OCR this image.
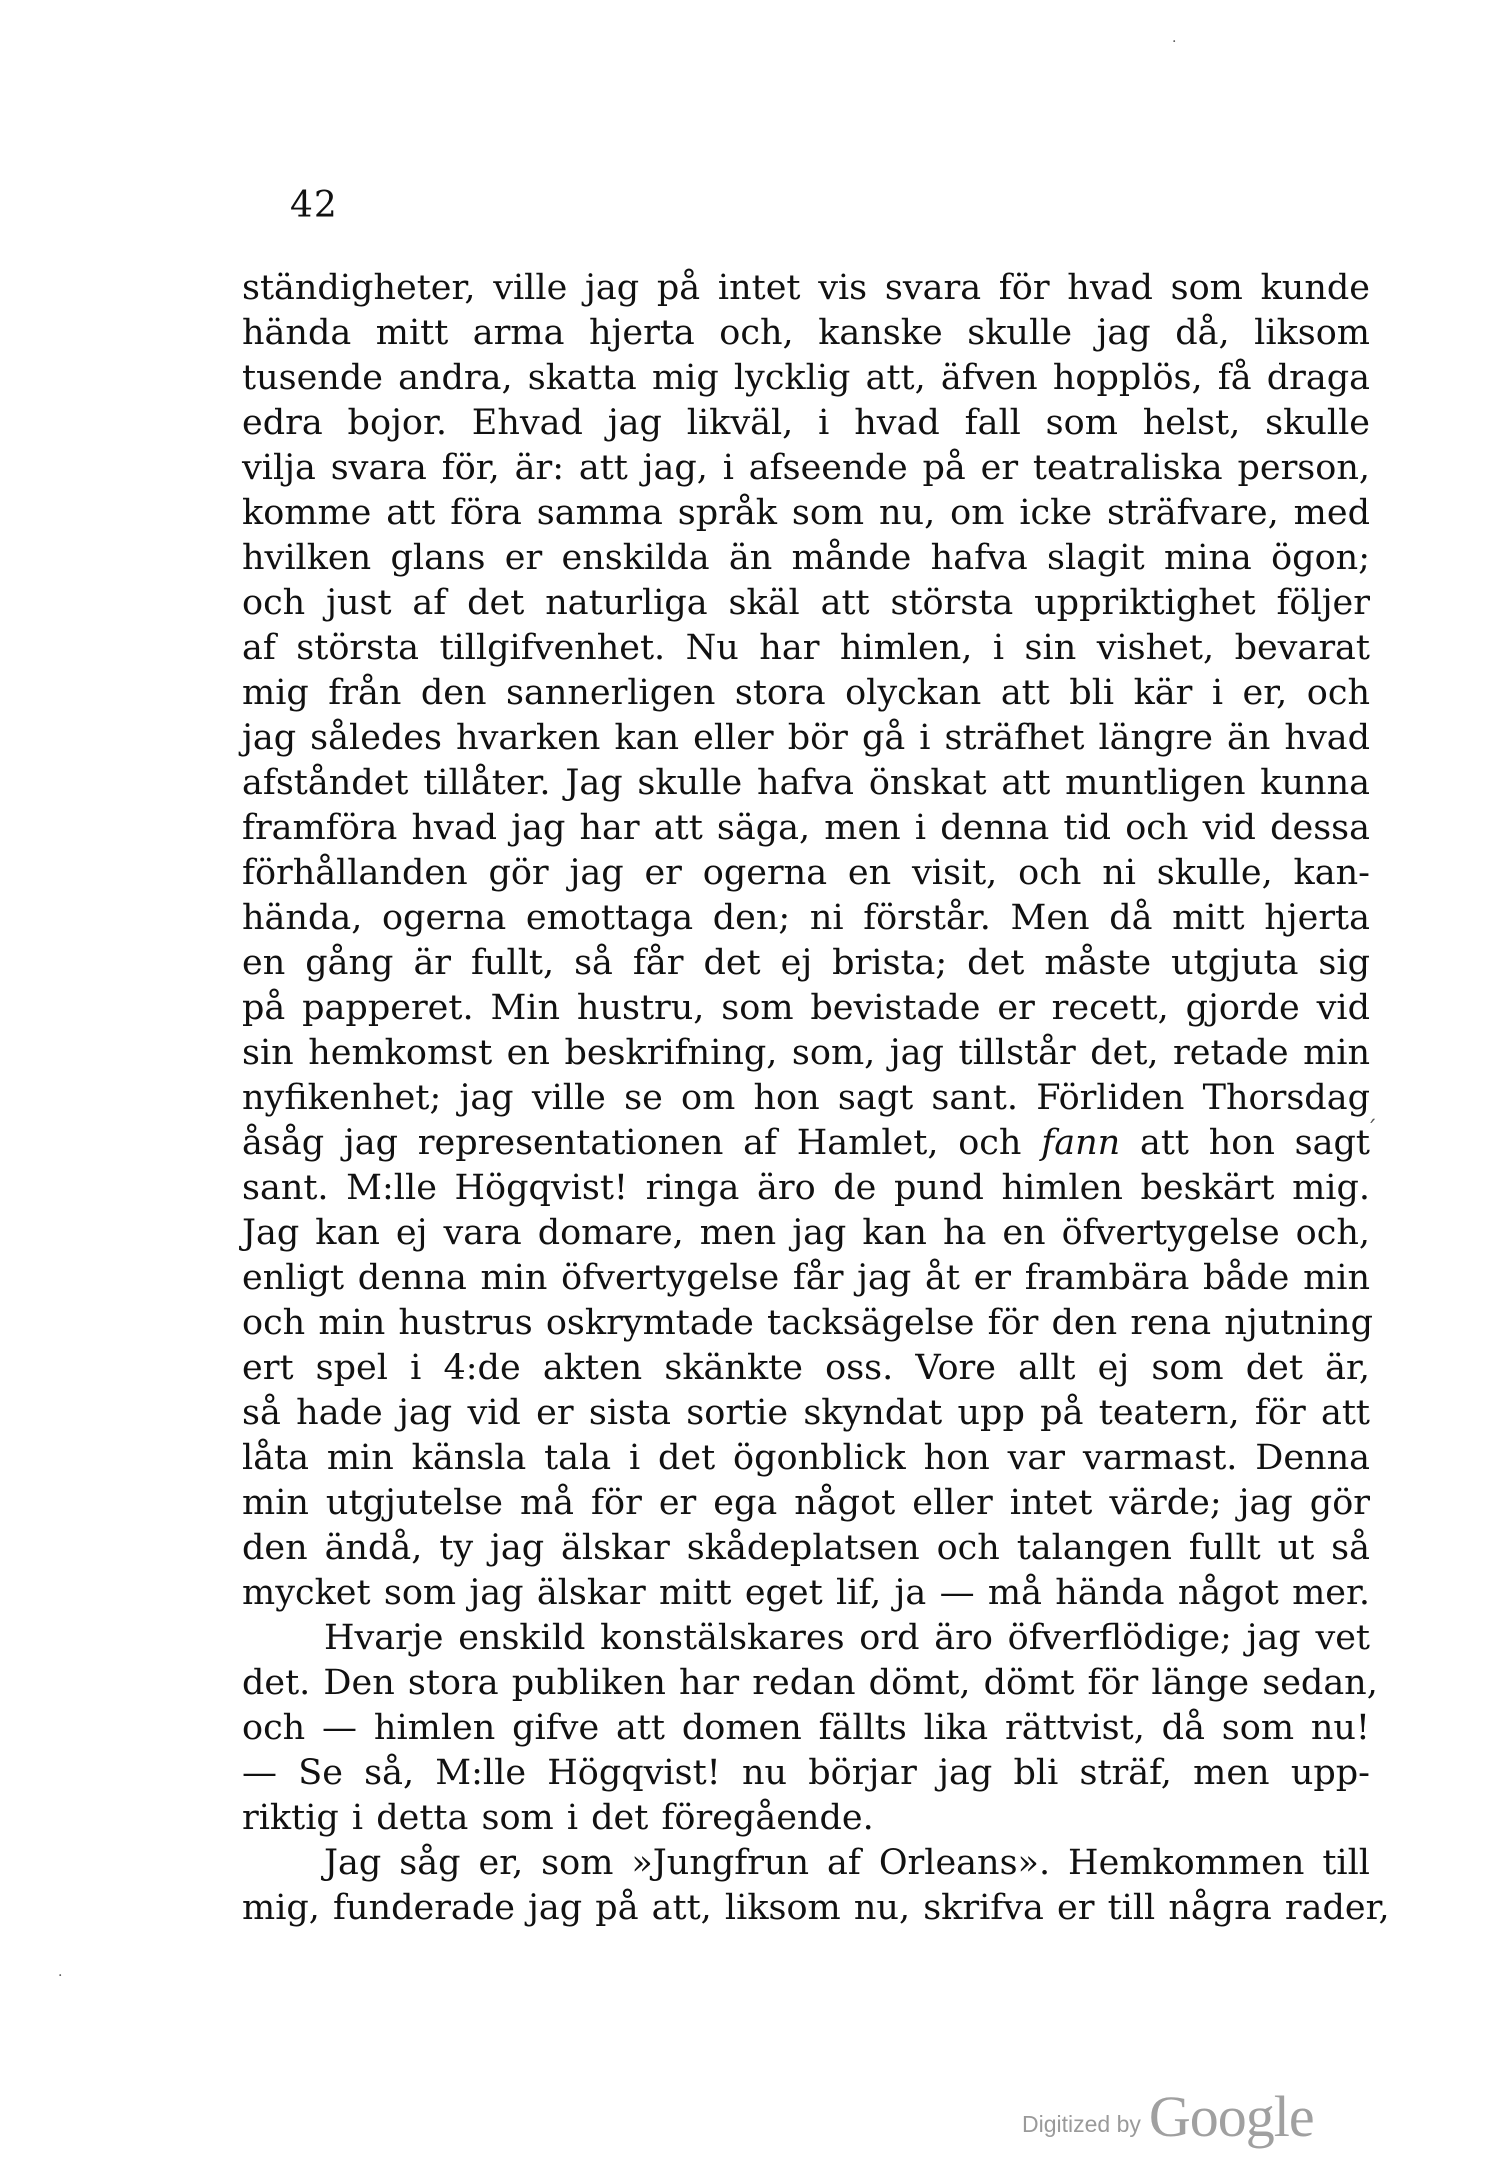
42
ständigheter, ville jag på intet vis svara för hvad som kunde
hända mitt arma hjerta och, kanske skulle jag då, liksom
tusende andra, skatta mig lycklig att, äfven hopplös, få draga
edra bojor. Ehvad jag likväl, i hvad fall som helst, skulle
vilja svara för, är: att jag, i afseende på er teatraliska person,
komme att föra samma språk som nu, om icke sträfvare, med
hvilken glans er enskilda än månde hafva slagit mina ögon;
och just af det naturliga skäl att största uppriktighet följer
af största tillgifvenhet. Nu har himlen, i sin vishet, bevarat
mig från den sannerligen stora olyckan att bli kär i er, och
jag således hvarken kan eller bör gå i sträfhet längre än hvad
afståndet tillåter. Jag skulle hafva önskat att muntligen kunna
framföra hvad jag har att säga, men i denna tid och vid dessa
förhållanden gör jag er ogerna en visit, och ni skulle, kan-
hända, ogerna emottaga den; ni förstår. Men då mitt hjerta
en gång är fullt, så får det ej brista; det måste utgjuta sig
på papperet. Min hustru, som bevistade er recett, gjorde vid
sin hemkomst en beskrifning, som, jag tillstår det, retade min
nyfikenhet; jag ville se om hon sagt sant. Förliden Thorsdag
åsåg jag representationen af Hamlet, och fann att hon sagt
sant. M:lle Högqvist! ringa äro de pund himlen beskärt mig.
Jag kan ej vara domare, men jag kan ha en öfvertygelse och,
enligt denna min öfvertygelse får jag åt er frambära både min
och min hustrus oskrymtade tacksägelse för den rena njutning
ert spel i 4:de akten skänkte oss. Vore allt ej som det är,
så hade jag vid er sista sortie skyndat upp på teatern, för att
låta min känsla tala i det ögonblick hon var varmast. Denna
min utgjutelse må för er ega något eller intet värde; jag gör
den ändå, ty jag älskar skådeplatsen och talangen fullt ut så
mycket som jag älskar mitt eget lif, ja — må hända något mer.
Hvarje enskild konstälskares ord äro öfverflödige; jag vet
det. Den stora publiken har redan dömt, dömt för länge sedan,
och — himlen gifve att domen fällts lika rättvist, då som nu!
— Se så, M:lle Högqvist! nu börjar jag bli sträf, men upp-
riktig i detta som i det föregående.
Jag såg er, som »Jungfrun af Orleans». Hemkommen till
mig, funderade jag på att, liksom nu, skrifva er till några rader,
ˊ
·
·
Digitized by Google
